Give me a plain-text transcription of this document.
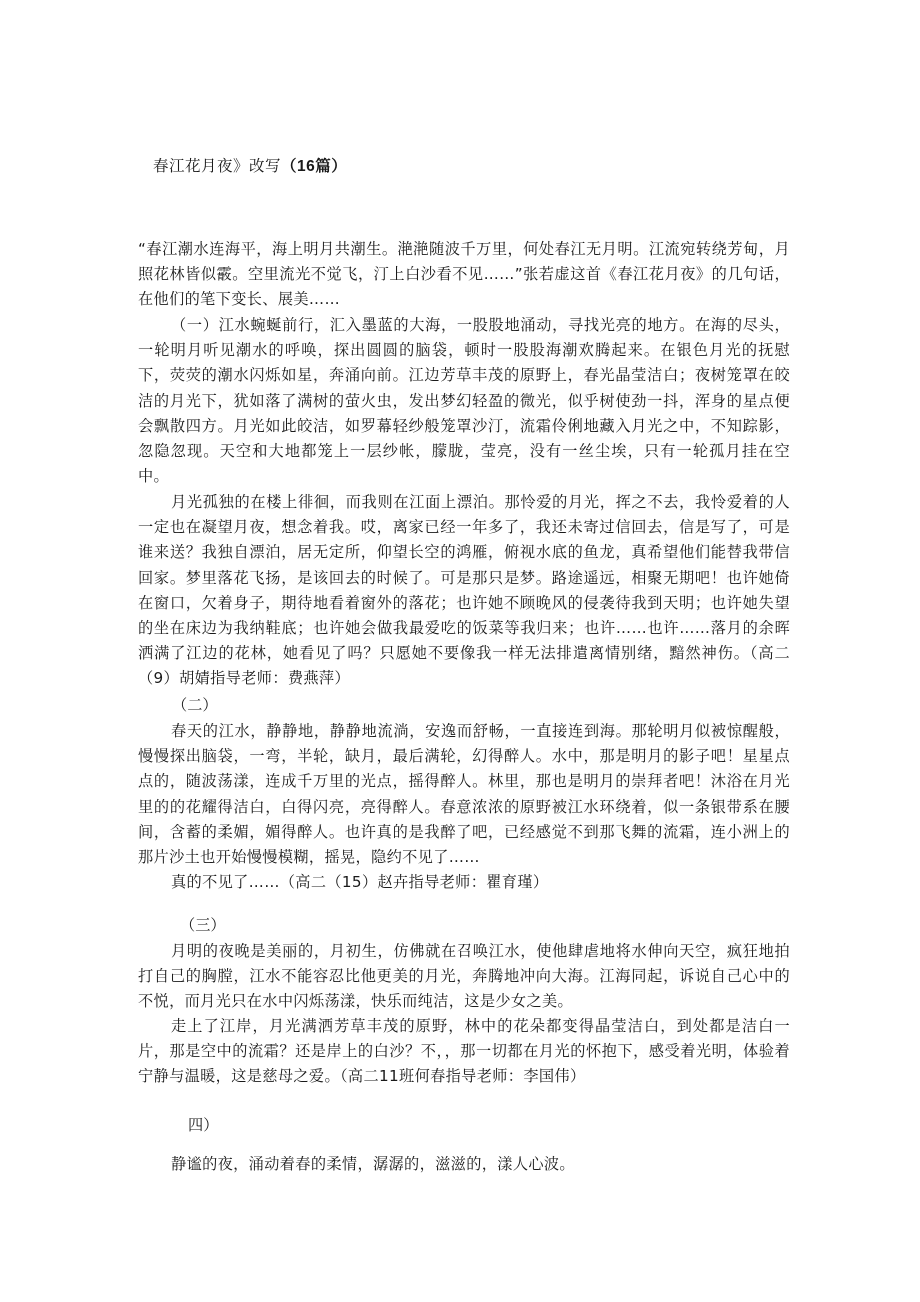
春江花月夜》改写（16篇）

“春江潮水连海平，海上明月共潮生。滟滟随波千万里，何处春江无月明。江流宛转绕芳甸，月照花林皆似霰。空里流光不觉飞，汀上白沙看不见……”张若虚这首《春江花月夜》的几句话，在他们的笔下变长、展美……

（一）江水蜿蜒前行，汇入墨蓝的大海，一股股地涌动，寻找光亮的地方。在海的尽头，一轮明月听见潮水的呼唤，探出圆圆的脑袋，顿时一股股海潮欢腾起来。在银色月光的抚慰下，荧荧的潮水闪烁如星，奔涌向前。江边芳草丰茂的原野上，春光晶莹洁白；夜树笼罩在皎洁的月光下，犹如落了满树的萤火虫，发出梦幻轻盈的微光，似乎树使劲一抖，浑身的星点便会飘散四方。月光如此皎洁，如罗幕轻纱般笼罩沙汀，流霜伶俐地藏入月光之中，不知踪影，忽隐忽现。天空和大地都笼上一层纱帐，朦胧，莹亮，没有一丝尘埃，只有一轮孤月挂在空中。

月光孤独的在楼上徘徊，而我则在江面上漂泊。那怜爱的月光，挥之不去，我怜爱着的人一定也在凝望月夜，想念着我。哎，离家已经一年多了，我还未寄过信回去，信是写了，可是谁来送？我独自漂泊，居无定所，仰望长空的鸿雁，俯视水底的鱼龙，真希望他们能替我带信回家。梦里落花飞扬，是该回去的时候了。可是那只是梦。路途遥远，相聚无期吧！也许她倚在窗口，欠着身子，期待地看着窗外的落花；也许她不顾晚风的侵袭待我到天明；也许她失望的坐在床边为我纳鞋底；也许她会做我最爱吃的饭菜等我归来；也许……也许……落月的余晖洒满了江边的花林，她看见了吗？只愿她不要像我一样无法排遣离情别绪，黯然神伤。（高二（9）胡婧指导老师：费燕萍）

（二）

春天的江水，静静地，静静地流淌，安逸而舒畅，一直接连到海。那轮明月似被惊醒般，慢慢探出脑袋，一弯，半轮，缺月，最后满轮，幻得醉人。水中，那是明月的影子吧！星星点点的，随波荡漾，连成千万里的光点，摇得醉人。林里，那也是明月的崇拜者吧！沐浴在月光里的的花耀得洁白，白得闪亮，亮得醉人。春意浓浓的原野被江水环绕着，似一条银带系在腰间，含蓄的柔媚，媚得醉人。也许真的是我醉了吧，已经感觉不到那飞舞的流霜，连小洲上的那片沙土也开始慢慢模糊，摇晃，隐约不见了……

真的不见了……（高二（15）赵卉指导老师：瞿育瑾）

（三）

月明的夜晚是美丽的，月初生，仿佛就在召唤江水，使他肆虐地将水伸向天空，疯狂地拍打自己的胸膛，江水不能容忍比他更美的月光，奔腾地冲向大海。江海同起，诉说自己心中的不悦，而月光只在水中闪烁荡漾，快乐而纯洁，这是少女之美。

走上了江岸，月光满洒芳草丰茂的原野，林中的花朵都变得晶莹洁白，到处都是洁白一片，那是空中的流霜？还是岸上的白沙？不，，那一切都在月光的怀抱下，感受着光明，体验着宁静与温暖，这是慈母之爱。（高二11班何春指导老师：李国伟）

四）

静谧的夜，涌动着春的柔情，潺潺的，滋滋的，漾人心波。
